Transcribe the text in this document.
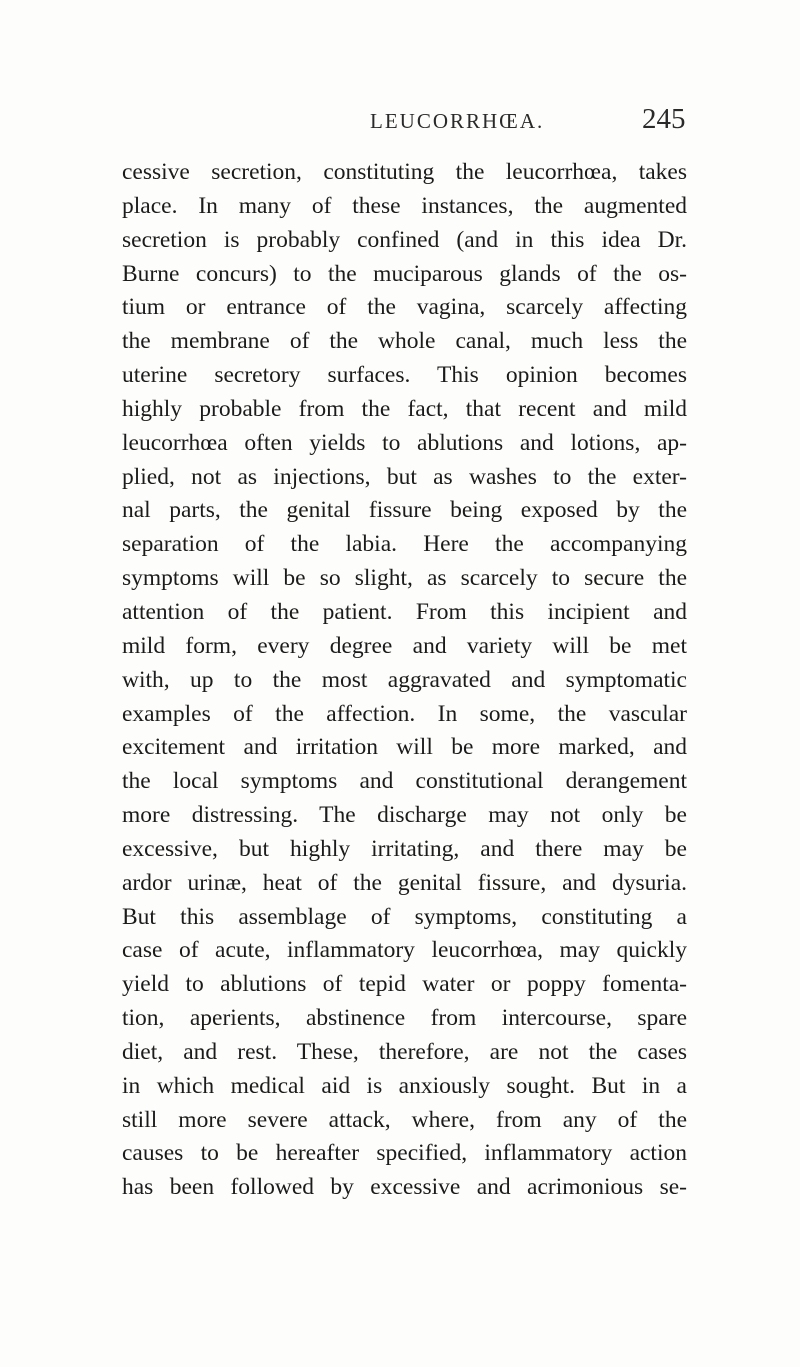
LEUCORRHŒA.	245
cessive secretion, constituting the leucorrhœa, takes
place. In many of these instances, the augmented
secretion is probably confined (and in this idea Dr.
Burne concurs) to the muciparous glands of the os-
tium or entrance of the vagina, scarcely affecting
the membrane of the whole canal, much less the
uterine secretory surfaces. This opinion becomes
highly probable from the fact, that recent and mild
leucorrhœa often yields to ablutions and lotions, ap-
plied, not as injections, but as washes to the exter-
nal parts, the genital fissure being exposed by the
separation of the labia. Here the accompanying
symptoms will be so slight, as scarcely to secure the
attention of the patient. From this incipient and
mild form, every degree and variety will be met
with, up to the most aggravated and symptomatic
examples of the affection. In some, the vascular
excitement and irritation will be more marked, and
the local symptoms and constitutional derangement
more distressing. The discharge may not only be
excessive, but highly irritating, and there may be
ardor urinæ, heat of the genital fissure, and dysuria.
But this assemblage of symptoms, constituting a
case of acute, inflammatory leucorrhœa, may quickly
yield to ablutions of tepid water or poppy fomenta-
tion, aperients, abstinence from intercourse, spare
diet, and rest. These, therefore, are not the cases
in which medical aid is anxiously sought. But in a
still more severe attack, where, from any of the
causes to be hereafter specified, inflammatory action
has been followed by excessive and acrimonious se-
